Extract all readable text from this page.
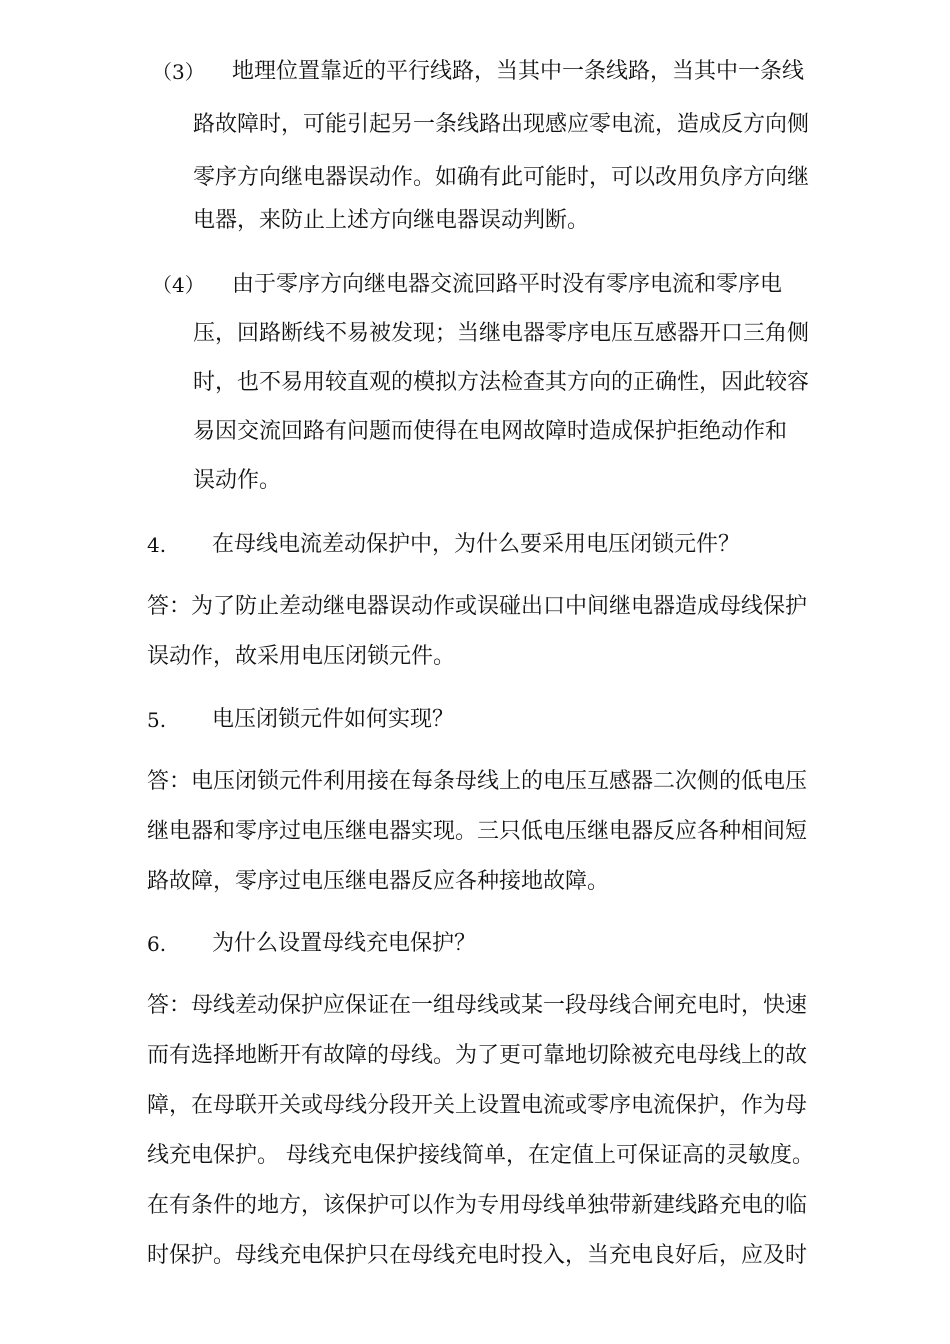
（3） 地理位置靠近的平行线路，当其中一条线路，当其中一条线
路故障时，可能引起另一条线路出现感应零电流，造成反方向侧
零序方向继电器误动作。如确有此可能时，可以改用负序方向继
电器，来防止上述方向继电器误动判断。
（4） 由于零序方向继电器交流回路平时没有零序电流和零序电
压，回路断线不易被发现；当继电器零序电压互感器开口三角侧
时，也不易用较直观的模拟方法检查其方向的正确性，因此较容
易因交流回路有问题而使得在电网故障时造成保护拒绝动作和
误动作。
4. 在母线电流差动保护中，为什么要采用电压闭锁元件？
答：为了防止差动继电器误动作或误碰出口中间继电器造成母线保护
误动作，故采用电压闭锁元件。
5. 电压闭锁元件如何实现？
答：电压闭锁元件利用接在每条母线上的电压互感器二次侧的低电压
继电器和零序过电压继电器实现。三只低电压继电器反应各种相间短
路故障，零序过电压继电器反应各种接地故障。
6. 为什么设置母线充电保护？
答：母线差动保护应保证在一组母线或某一段母线合闸充电时，快速
而有选择地断开有故障的母线。为了更可靠地切除被充电母线上的故
障，在母联开关或母线分段开关上设置电流或零序电流保护，作为母
线充电保护。 母线充电保护接线简单，在定值上可保证高的灵敏度。
在有条件的地方，该保护可以作为专用母线单独带新建线路充电的临
时保护。母线充电保护只在母线充电时投入，当充电良好后，应及时
